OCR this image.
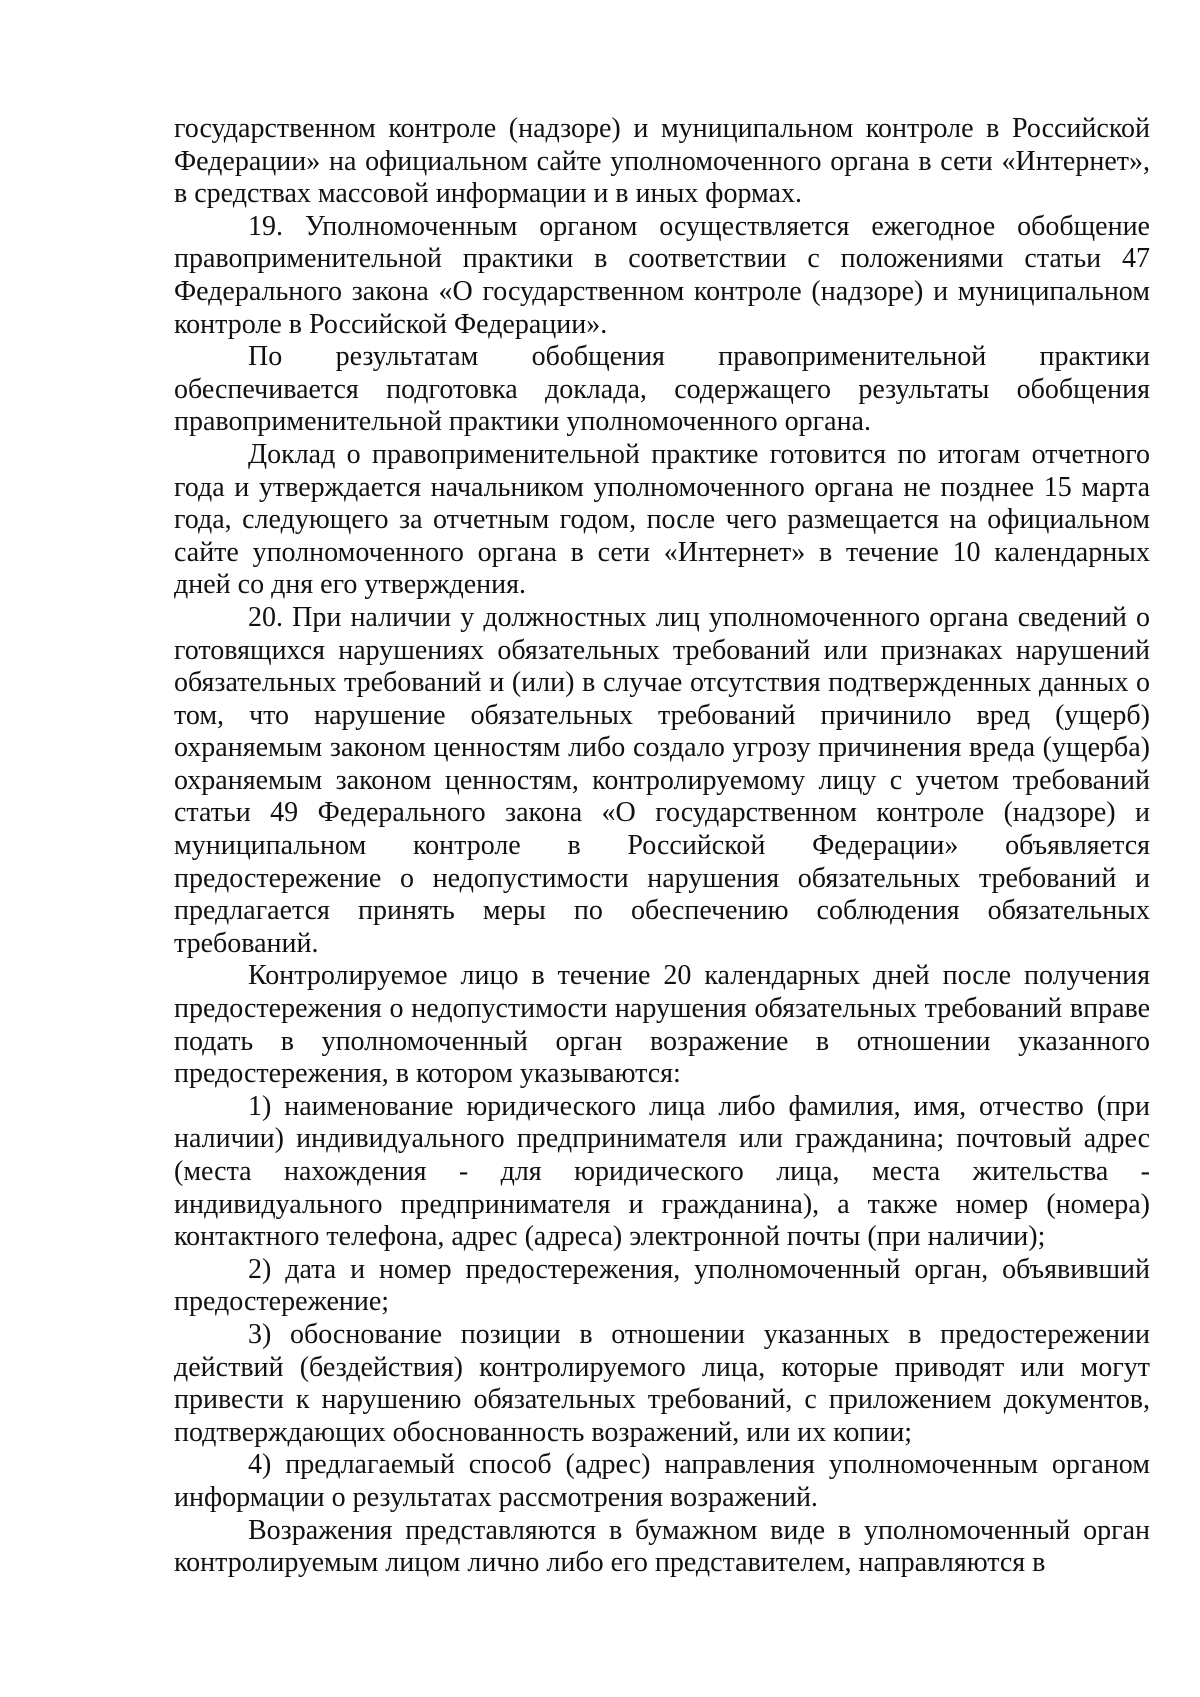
государственном контроле (надзоре) и муниципальном контроле в Российской Федерации» на официальном сайте уполномоченного органа в сети «Интернет», в средствах массовой информации и в иных формах.

19. Уполномоченным органом осуществляется ежегодное обобщение правоприменительной практики в соответствии с положениями статьи 47 Федерального закона «О государственном контроле (надзоре) и муниципальном контроле в Российской Федерации».

По результатам обобщения правоприменительной практики обеспечивается подготовка доклада, содержащего результаты обобщения правоприменительной практики уполномоченного органа.

Доклад о правоприменительной практике готовится по итогам отчетного года и утверждается начальником уполномоченного органа не позднее 15 марта года, следующего за отчетным годом, после чего размещается на официальном сайте уполномоченного органа в сети «Интернет» в течение 10 календарных дней со дня его утверждения.

20. При наличии у должностных лиц уполномоченного органа сведений о готовящихся нарушениях обязательных требований или признаках нарушений обязательных требований и (или) в случае отсутствия подтвержденных данных о том, что нарушение обязательных требований причинило вред (ущерб) охраняемым законом ценностям либо создало угрозу причинения вреда (ущерба) охраняемым законом ценностям, контролируемому лицу с учетом требований статьи 49 Федерального закона «О государственном контроле (надзоре) и муниципальном контроле в Российской Федерации» объявляется предостережение о недопустимости нарушения обязательных требований и предлагается принять меры по обеспечению соблюдения обязательных требований.

Контролируемое лицо в течение 20 календарных дней после получения предостережения о недопустимости нарушения обязательных требований вправе подать в уполномоченный орган возражение в отношении указанного предостережения, в котором указываются:

1) наименование юридического лица либо фамилия, имя, отчество (при наличии) индивидуального предпринимателя или гражданина; почтовый адрес (места нахождения - для юридического лица, места жительства - индивидуального предпринимателя и гражданина), а также номер (номера) контактного телефона, адрес (адреса) электронной почты (при наличии);

2) дата и номер предостережения, уполномоченный орган, объявивший предостережение;

3) обоснование позиции в отношении указанных в предостережении действий (бездействия) контролируемого лица, которые приводят или могут привести к нарушению обязательных требований, с приложением документов, подтверждающих обоснованность возражений, или их копии;

4) предлагаемый способ (адрес) направления уполномоченным органом информации о результатах рассмотрения возражений.

Возражения представляются в бумажном виде в уполномоченный орган контролируемым лицом лично либо его представителем, направляются в
